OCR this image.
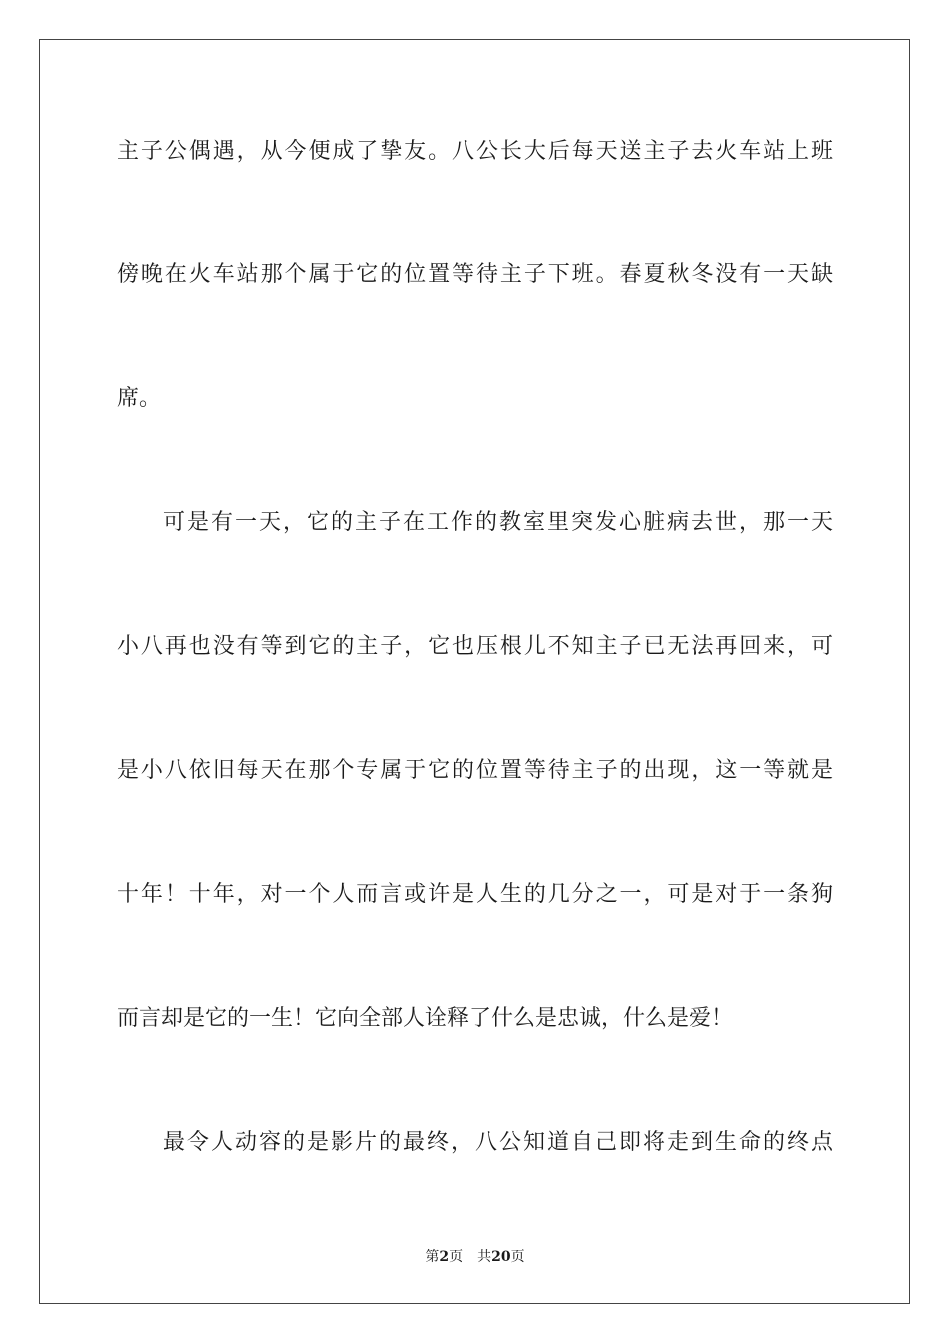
主子公偶遇，从今便成了挚友。八公长大后每天送主子去火车站上班
傍晚在火车站那个属于它的位置等待主子下班。春夏秋冬没有一天缺
席。
可是有一天，它的主子在工作的教室里突发心脏病去世，那一天
小八再也没有等到它的主子，它也压根儿不知主子已无法再回来，可
是小八依旧每天在那个专属于它的位置等待主子的出现，这一等就是
十年！十年，对一个人而言或许是人生的几分之一，可是对于一条狗
而言却是它的一生！它向全部人诠释了什么是忠诚，什么是爱！
最令人动容的是影片的最终，八公知道自己即将走到生命的终点
第2页 共20页
